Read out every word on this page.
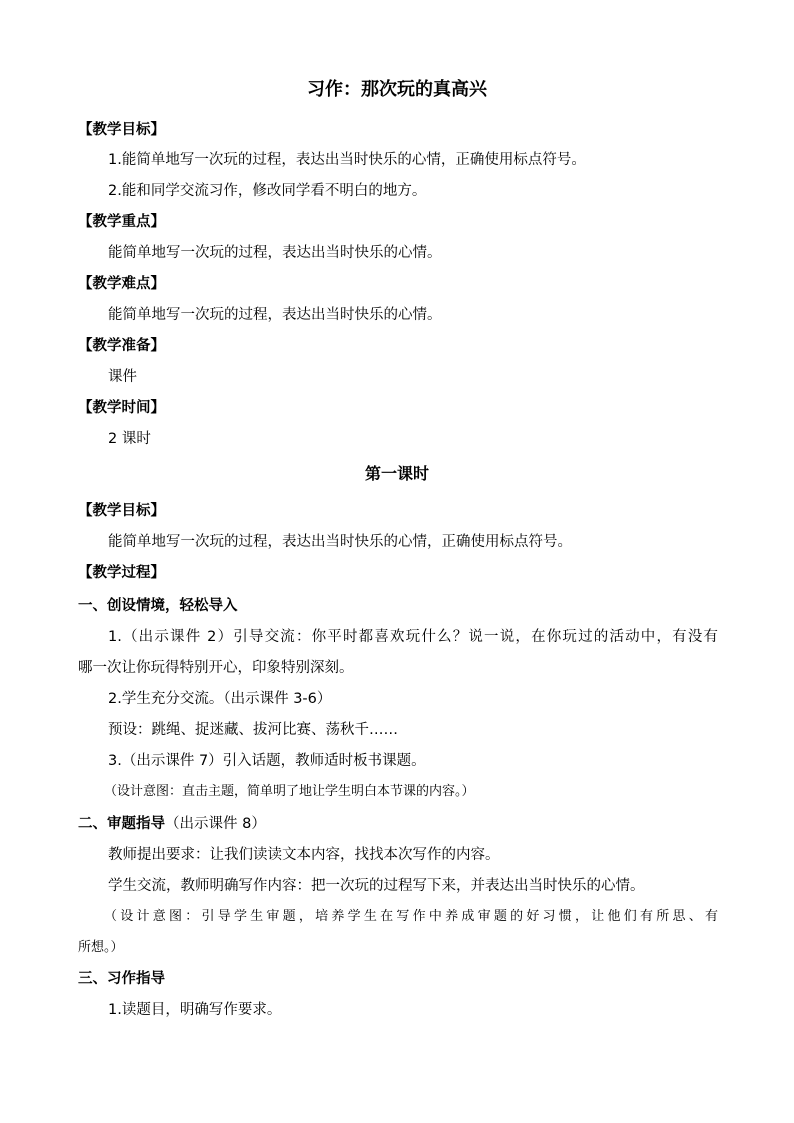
习作：那次玩的真高兴
【教学目标】
1.能简单地写一次玩的过程，表达出当时快乐的心情，正确使用标点符号。
2.能和同学交流习作，修改同学看不明白的地方。
【教学重点】
能简单地写一次玩的过程，表达出当时快乐的心情。
【教学难点】
能简单地写一次玩的过程，表达出当时快乐的心情。
【教学准备】
课件
【教学时间】
2 课时
第一课时
【教学目标】
能简单地写一次玩的过程，表达出当时快乐的心情，正确使用标点符号。
【教学过程】
一、创设情境，轻松导入
1.（出示课件 2）引导交流：你平时都喜欢玩什么？说一说，在你玩过的活动中，有没有
哪一次让你玩得特别开心，印象特别深刻。
2.学生充分交流。（出示课件 3-6）
预设：跳绳、捉迷藏、拔河比赛、荡秋千……
3.（出示课件 7）引入话题，教师适时板书课题。
（设计意图：直击主题，简单明了地让学生明白本节课的内容。）
二、审题指导（出示课件 8）
教师提出要求：让我们读读文本内容，找找本次写作的内容。
学生交流，教师明确写作内容：把一次玩的过程写下来，并表达出当时快乐的心情。
（设计意图：引导学生审题，培养学生在写作中养成审题的好习惯，让他们有所思、有
所想。）
三、习作指导
1.读题目，明确写作要求。
